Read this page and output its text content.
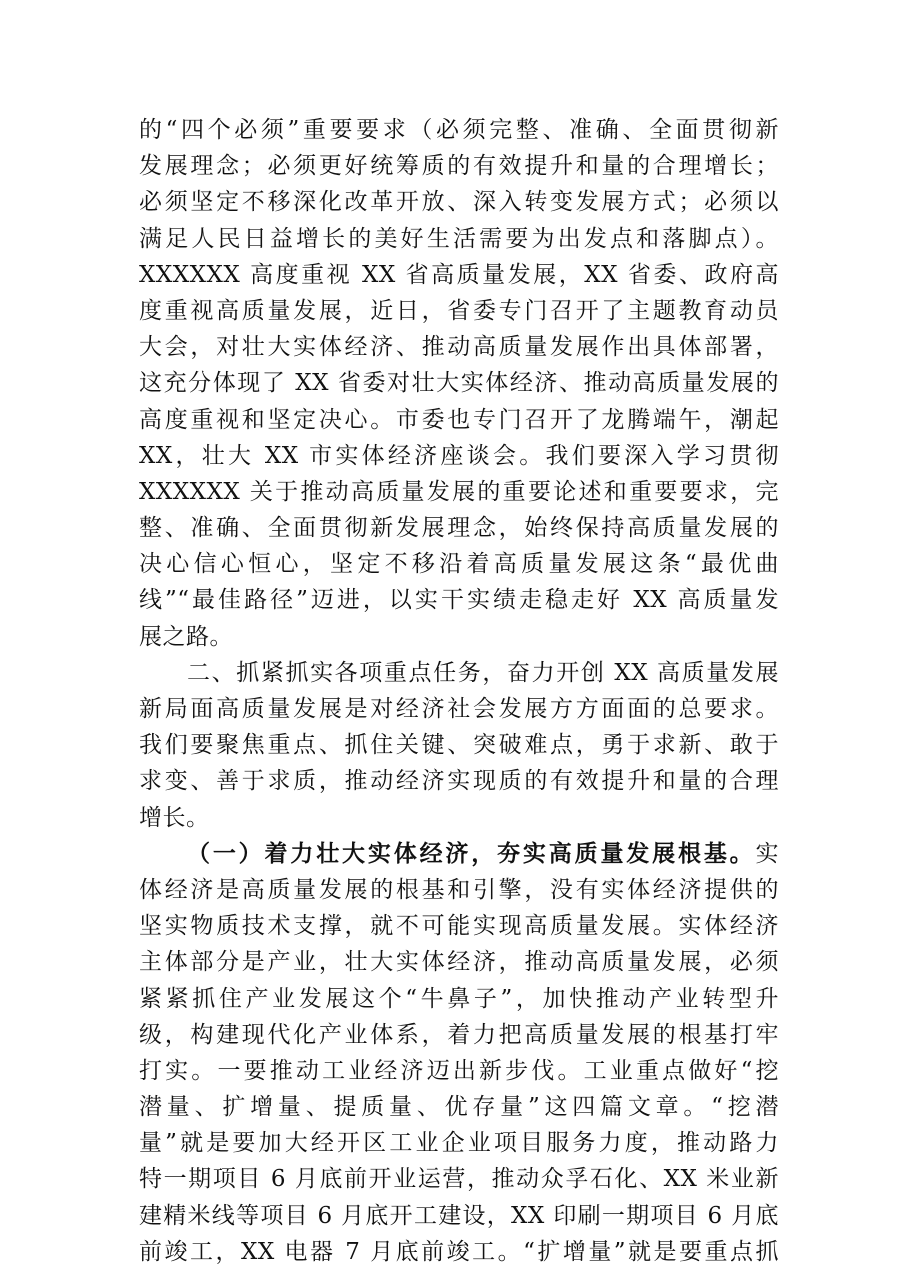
的“四个必须”重要要求（必须完整、准确、全面贯彻新
发展理念；必须更好统筹质的有效提升和量的合理增长；
必须坚定不移深化改革开放、深入转变发展方式；必须以
满足人民日益增长的美好生活需要为出发点和落脚点）。
XXXXXX 高度重视 XX 省高质量发展，XX 省委、政府高
度重视高质量发展，近日，省委专门召开了主题教育动员
大会，对壮大实体经济、推动高质量发展作出具体部署，
这充分体现了 XX 省委对壮大实体经济、推动高质量发展的
高度重视和坚定决心。市委也专门召开了龙腾端午，潮起
XX，壮大 XX 市实体经济座谈会。我们要深入学习贯彻
XXXXXX 关于推动高质量发展的重要论述和重要要求，完
整、准确、全面贯彻新发展理念，始终保持高质量发展的
决心信心恒心，坚定不移沿着高质量发展这条“最优曲
线”“最佳路径”迈进，以实干实绩走稳走好 XX 高质量发
展之路。
二、抓紧抓实各项重点任务，奋力开创 XX 高质量发展
新局面高质量发展是对经济社会发展方方面面的总要求。
我们要聚焦重点、抓住关键、突破难点，勇于求新、敢于
求变、善于求质，推动经济实现质的有效提升和量的合理
增长。
（一）着力壮大实体经济，夯实高质量发展根基。实
体经济是高质量发展的根基和引擎，没有实体经济提供的
坚实物质技术支撑，就不可能实现高质量发展。实体经济
主体部分是产业，壮大实体经济，推动高质量发展，必须
紧紧抓住产业发展这个“牛鼻子”，加快推动产业转型升
级，构建现代化产业体系，着力把高质量发展的根基打牢
打实。一要推动工业经济迈出新步伐。工业重点做好“挖
潜量、扩增量、提质量、优存量”这四篇文章。“挖潜
量”就是要加大经开区工业企业项目服务力度，推动路力
特一期项目 6 月底前开业运营，推动众孚石化、XX 米业新
建精米线等项目 6 月底开工建设，XX 印刷一期项目 6 月底
前竣工，XX 电器 7 月底前竣工。“扩增量”就是要重点抓
